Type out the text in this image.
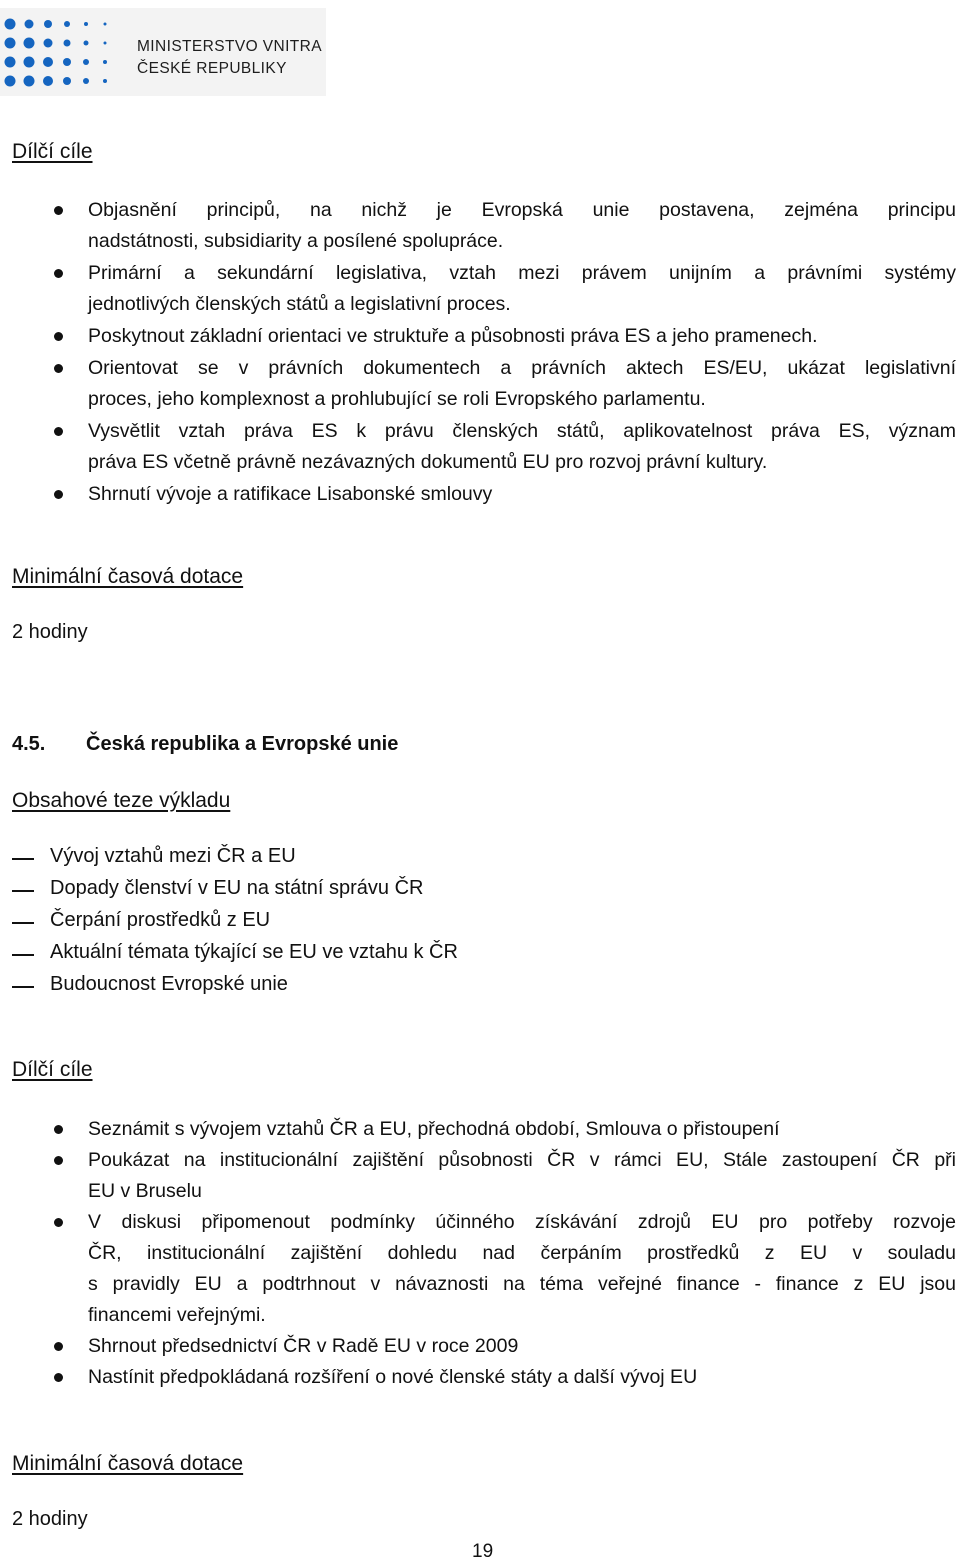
MINISTERSTVO VNITRA
ČESKÉ REPUBLIKY
Dílčí cíle
Objasnění principů, na nichž je Evropská unie postavena, zejména principu
nadstátnosti, subsidiarity a posílené spolupráce.
Primární a sekundární legislativa, vztah mezi právem unijním a právními systémy
jednotlivých členských států a legislativní proces.
Poskytnout základní orientaci ve struktuře a působnosti práva ES a jeho pramenech.
Orientovat se v právních dokumentech a právních aktech ES/EU, ukázat legislativní
proces, jeho komplexnost a prohlubující se roli Evropského parlamentu.
Vysvětlit vztah práva ES k právu členských států, aplikovatelnost práva ES, význam
práva ES včetně právně nezávazných dokumentů EU pro rozvoj právní kultury.
Shrnutí vývoje a ratifikace Lisabonské smlouvy
Minimální časová dotace
2 hodiny
4.5. Česká republika a Evropské unie
Obsahové teze výkladu
Vývoj vztahů mezi ČR a EU
Dopady členství v EU na státní správu ČR
Čerpání prostředků z EU
Aktuální témata týkající se EU ve vztahu k ČR
Budoucnost Evropské unie
Dílčí cíle
Seznámit s vývojem vztahů ČR a EU, přechodná období, Smlouva o přistoupení
Poukázat na institucionální zajištění působnosti ČR v rámci EU, Stále zastoupení ČR při
EU v Bruselu
V diskusi připomenout podmínky účinného získávání zdrojů EU pro potřeby rozvoje
ČR, institucionální zajištění dohledu nad čerpáním prostředků z EU v souladu
s pravidly EU a podtrhnout v návaznosti na téma veřejné finance - finance z EU jsou
financemi veřejnými.
Shrnout předsednictví ČR v Radě EU v roce 2009
Nastínit předpokládaná rozšíření o nové členské státy a další vývoj EU
Minimální časová dotace
2 hodiny
19
